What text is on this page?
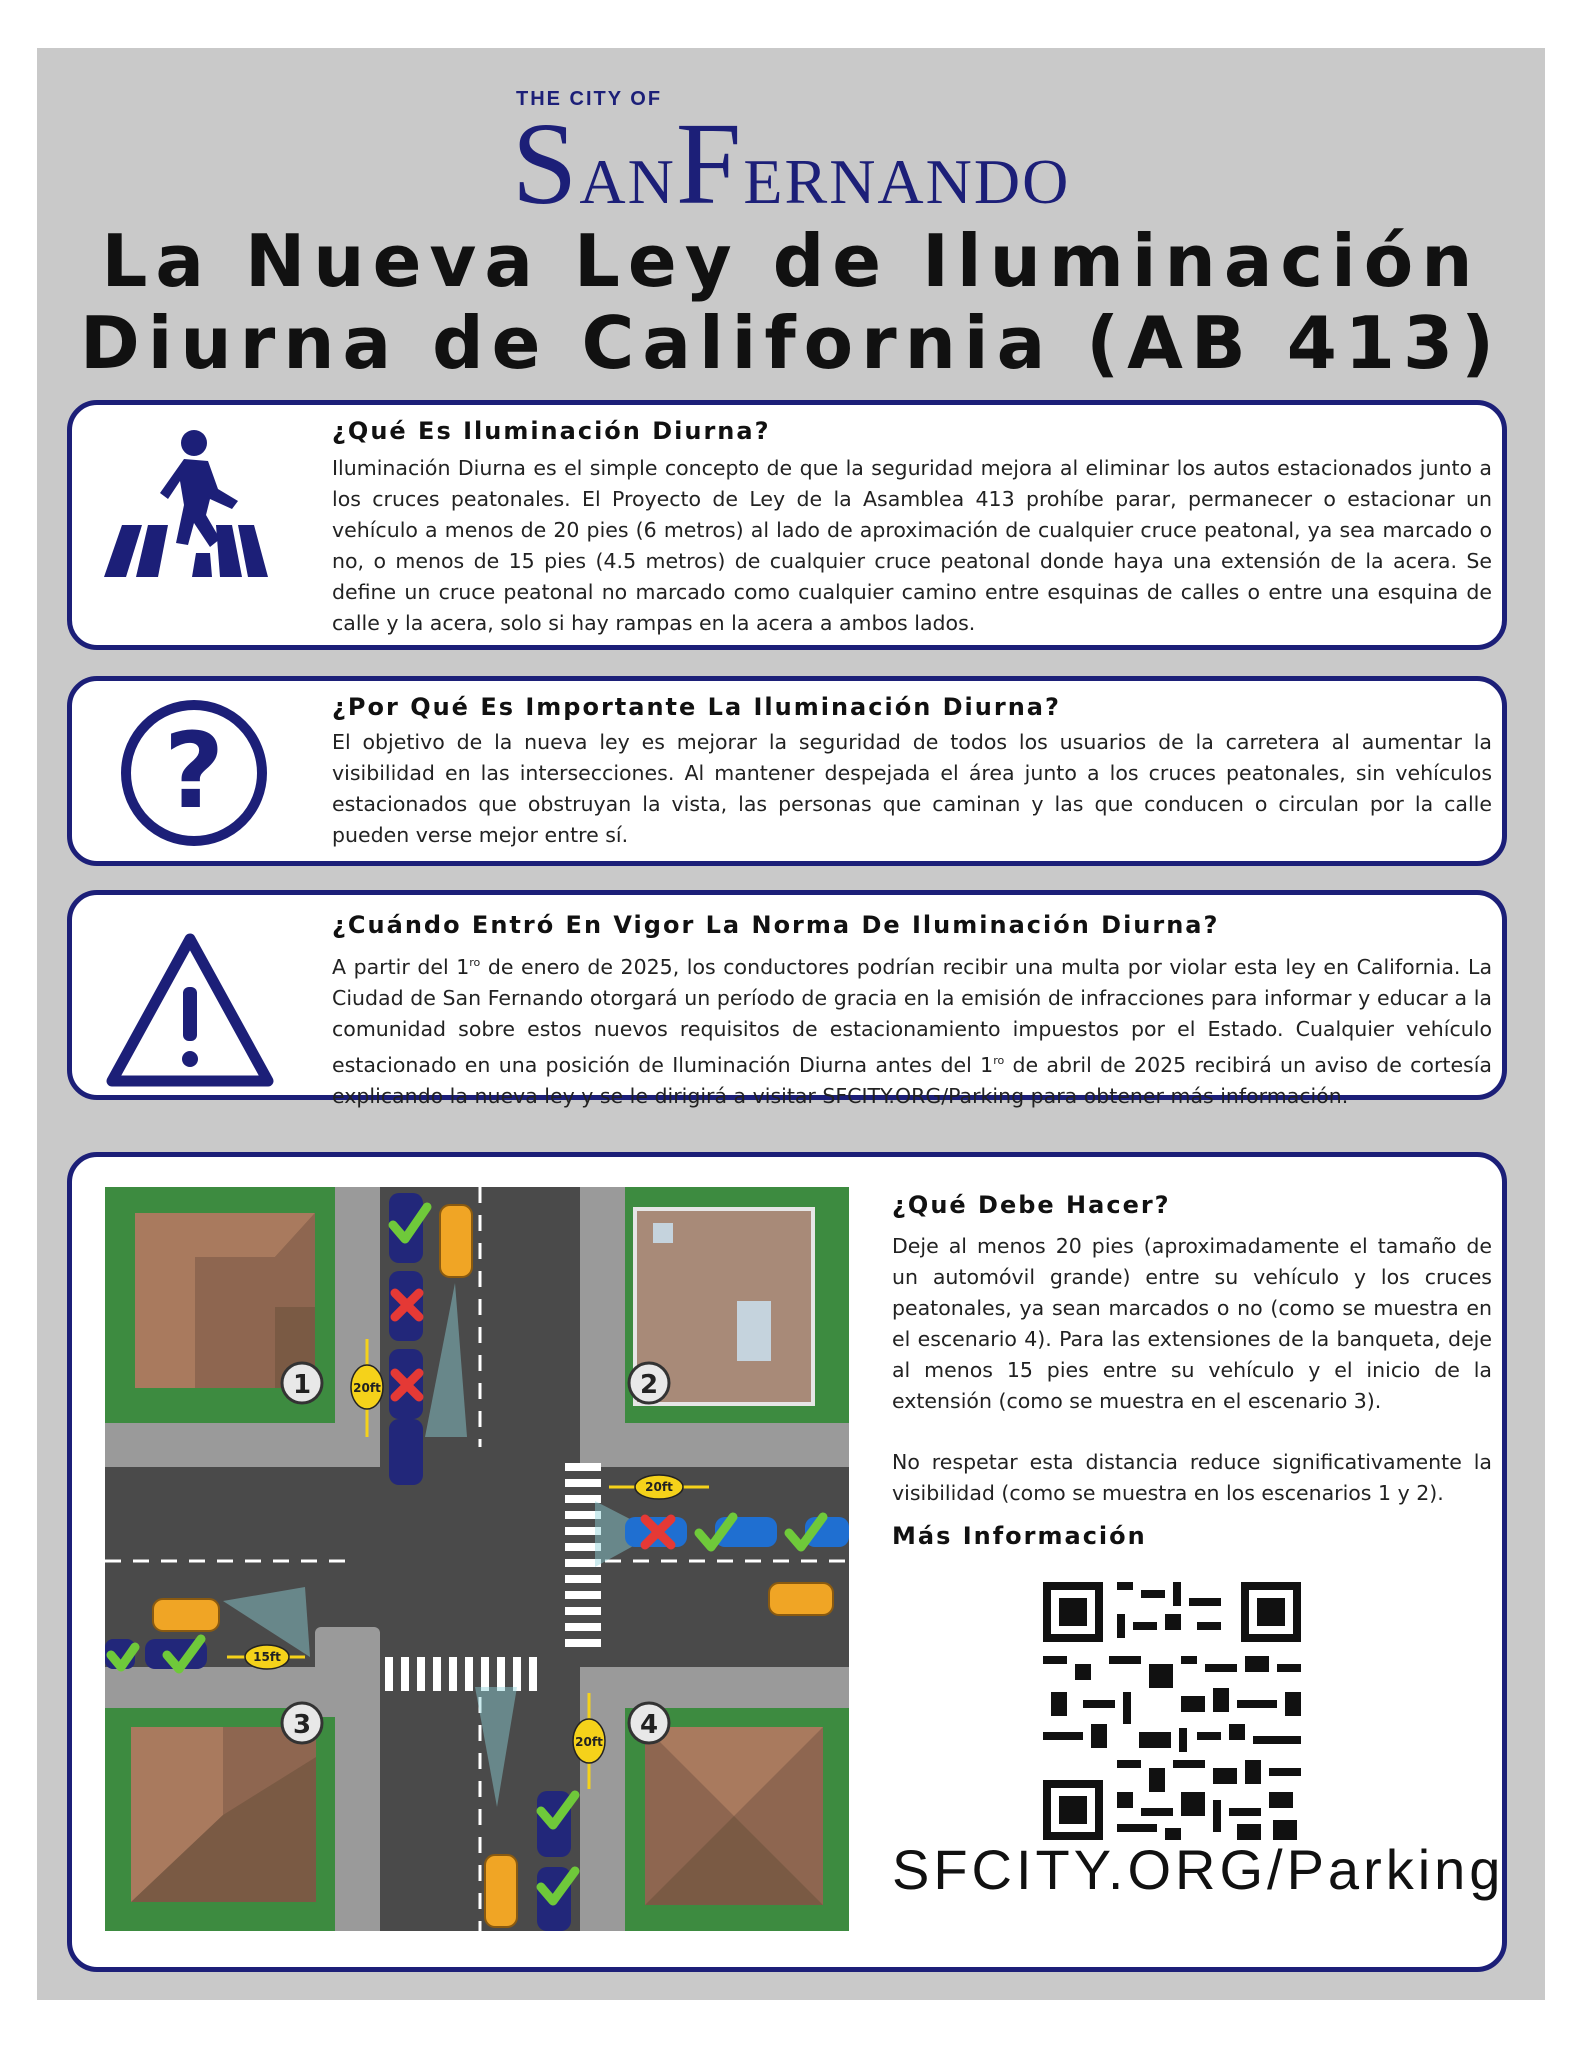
THE CITY OF
SANFERNANDO
La Nueva Ley de Iluminación
Diurna de California (AB 413)
¿Qué Es Iluminación Diurna?

Iluminación Diurna es el simple concepto de que la seguridad mejora al eliminar los autos estacionados junto a los cruces peatonales. El Proyecto de Ley de la Asamblea 413 prohíbe parar, permanecer o estacionar un vehículo a menos de 20 pies (6 metros) al lado de aproximación de cualquier cruce peatonal, ya sea marcado o no, o menos de 15 pies (4.5 metros) de cualquier cruce peatonal donde haya una extensión de la acera. Se define un cruce peatonal no marcado como cualquier camino entre esquinas de calles o entre una esquina de calle y la acera, solo si hay rampas en la acera a ambos lados.

?
¿Por Qué Es Importante La Iluminación Diurna?

El objetivo de la nueva ley es mejorar la seguridad de todos los usuarios de la carretera al aumentar la visibilidad en las intersecciones. Al mantener despejada el área junto a los cruces peatonales, sin vehículos estacionados que obstruyan la vista, las personas que caminan y las que conducen o circulan por la calle pueden verse mejor entre sí.

¿Cuándo Entró En Vigor La Norma De Iluminación Diurna?

A partir del $1^{ro}$ de enero de 2025, los conductores podrían recibir una multa por violar esta ley en California. La Ciudad de San Fernando otorgará un período de gracia en la emisión de infracciones para informar y educar a la comunidad sobre estos nuevos requisitos de estacionamiento impuestos por el Estado. Cualquier vehículo estacionado en una posición de Iluminación Diurna antes del $1^{ro}$ de abril de 2025 recibirá un aviso de cortesía explicando la nueva ley y se le dirigirá a visitar SFCITY.ORG/Parking para obtener más información.

1	2
3	4
20ft
20ft
15ft
20ft
¿Qué Debe Hacer?

Deje al menos 20 pies (aproximadamente el tamaño de un automóvil grande) entre su vehículo y los cruces peatonales, ya sean marcados o no (como se muestra en el escenario 4). Para las extensiones de la banqueta, deje al menos 15 pies entre su vehículo y el inicio de la extensión (como se muestra en el escenario 3).

No respetar esta distancia reduce significativamente la visibilidad (como se muestra en los escenarios 1 y 2).

Más Información
SFCITY.ORG/Parking
